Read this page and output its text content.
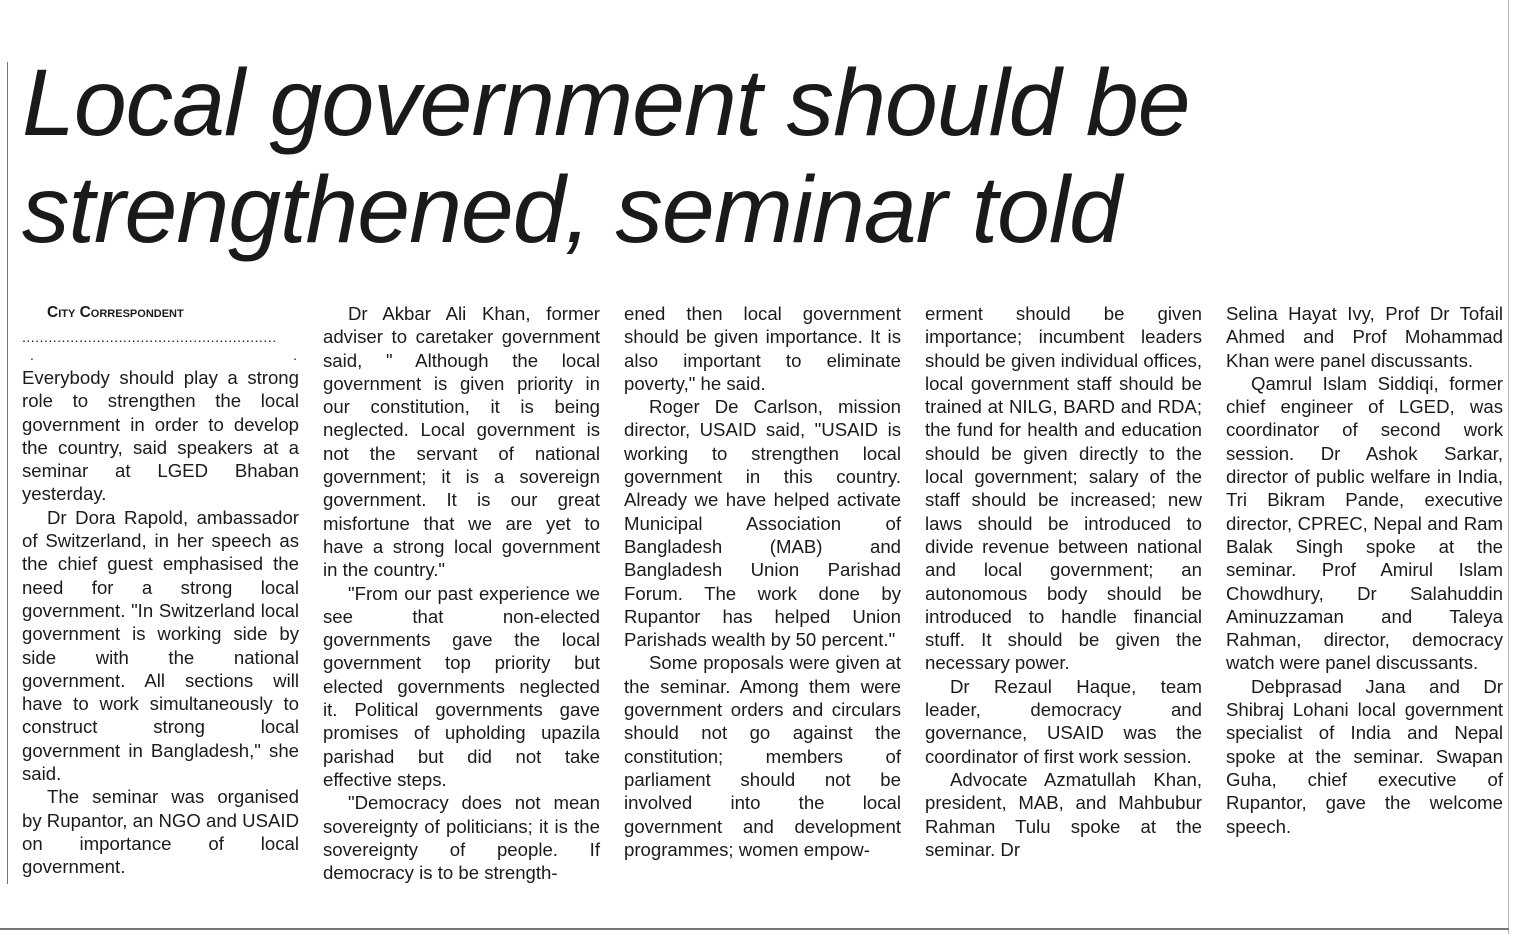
Local government should be
strengthened, seminar told

City Correspondent

..........................................................
.	.

Everybody should play a strong role to strengthen the local government in order to develop the country, said speakers at a seminar at LGED Bhaban yesterday.

Dr Dora Rapold, ambassador of Switzerland, in her speech as the chief guest emphasised the need for a strong local government. "In Switzerland local government is working side by side with the national government. All sections will have to work simultaneously to construct strong local government in Bangladesh," she said.

The seminar was organised by Rupantor, an NGO and USAID on importance of local government.

Dr Akbar Ali Khan, former adviser to caretaker government said, " Although the local government is given priority in our constitution, it is being neglected. Local government is not the servant of national government; it is a sovereign government. It is our great misfortune that we are yet to have a strong local government in the country."

"From our past experience we see that non-elected governments gave the local government top priority but elected governments neglected it. Political governments gave promises of upholding upazila parishad but did not take effective steps.

"Democracy does not mean sovereignty of politicians; it is the sovereignty of people. If democracy is to be strength-

ened then local government should be given importance. It is also important to eliminate poverty," he said.

Roger De Carlson, mission director, USAID said, "USAID is working to strengthen local government in this country. Already we have helped activate Municipal Association of Bangladesh (MAB) and Bangladesh Union Parishad Forum. The work done by Rupantor has helped Union Parishads wealth by 50 percent."

Some proposals were given at the seminar. Among them were government orders and circulars should not go against the constitution; members of parliament should not be involved into the local government and development programmes; women empow-

erment should be given importance; incumbent leaders should be given individual offices, local government staff should be trained at NILG, BARD and RDA; the fund for health and education should be given directly to the local government; salary of the staff should be increased; new laws should be introduced to divide revenue between national and local government; an autonomous body should be introduced to handle financial stuff. It should be given the necessary power.

Dr Rezaul Haque, team leader, democracy and governance, USAID was the coordinator of first work session.

Advocate Azmatullah Khan, president, MAB, and Mahbubur Rahman Tulu spoke at the seminar. Dr

Selina Hayat Ivy, Prof Dr Tofail Ahmed and Prof Mohammad Khan were panel discussants.

Qamrul Islam Siddiqi, former chief engineer of LGED, was coordinator of second work session. Dr Ashok Sarkar, director of public welfare in India, Tri Bikram Pande, executive director, CPREC, Nepal and Ram Balak Singh spoke at the seminar. Prof Amirul Islam Chowdhury, Dr Salahuddin Aminuzzaman and Taleya Rahman, director, democracy watch were panel discussants.

Debprasad Jana and Dr Shibraj Lohani local government specialist of India and Nepal spoke at the seminar. Swapan Guha, chief executive of Rupantor, gave the welcome speech.
